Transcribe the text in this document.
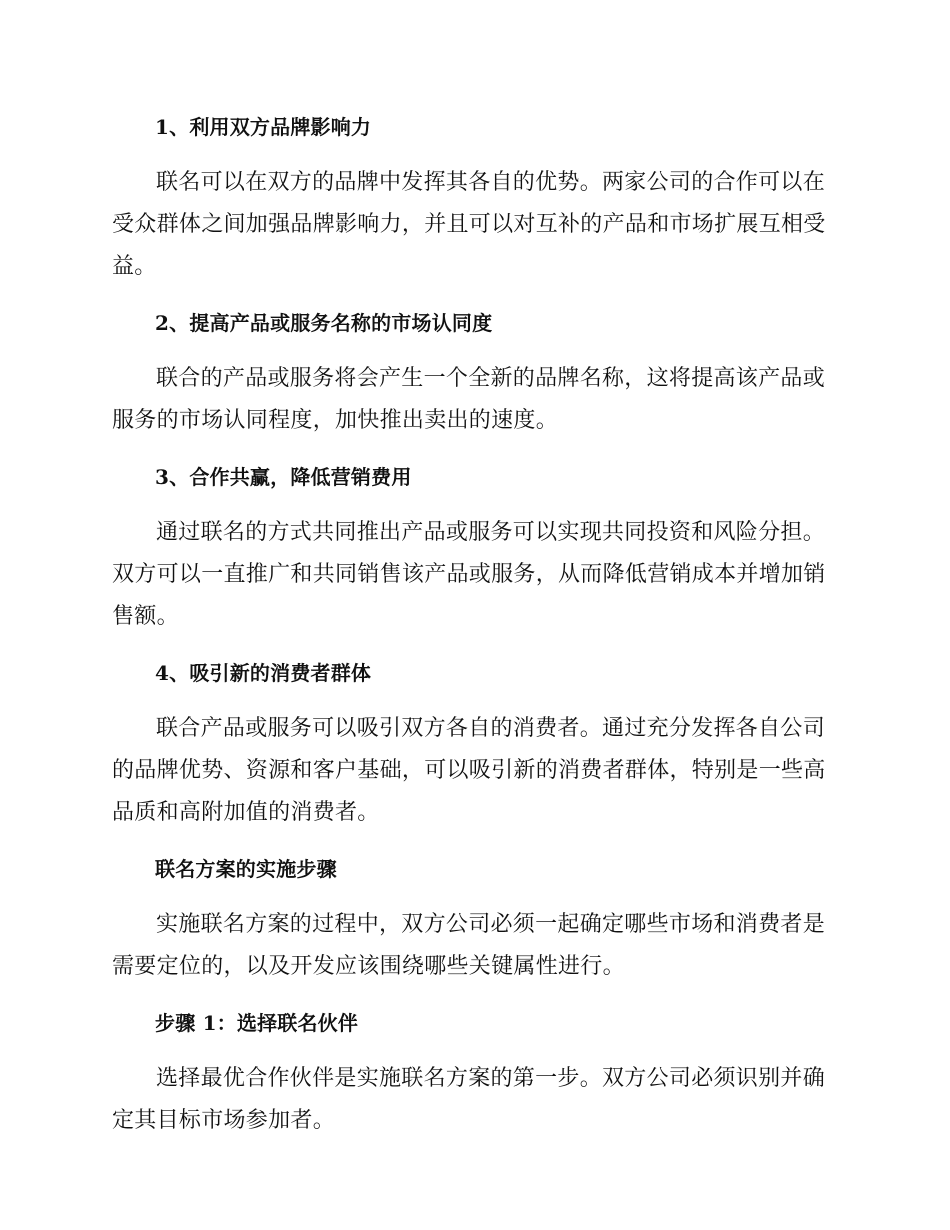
1、利用双方品牌影响力

联名可以在双方的品牌中发挥其各自的优势。两家公司的合作可以在受众群体之间加强品牌影响力，并且可以对互补的产品和市场扩展互相受益。

2、提高产品或服务名称的市场认同度

联合的产品或服务将会产生一个全新的品牌名称，这将提高该产品或服务的市场认同程度，加快推出卖出的速度。

3、合作共赢，降低营销费用

通过联名的方式共同推出产品或服务可以实现共同投资和风险分担。双方可以一直推广和共同销售该产品或服务，从而降低营销成本并增加销售额。

4、吸引新的消费者群体

联合产品或服务可以吸引双方各自的消费者。通过充分发挥各自公司的品牌优势、资源和客户基础，可以吸引新的消费者群体，特别是一些高品质和高附加值的消费者。

联名方案的实施步骤

实施联名方案的过程中，双方公司必须一起确定哪些市场和消费者是需要定位的，以及开发应该围绕哪些关键属性进行。

步骤 1：选择联名伙伴

选择最优合作伙伴是实施联名方案的第一步。双方公司必须识别并确定其目标市场参加者。
